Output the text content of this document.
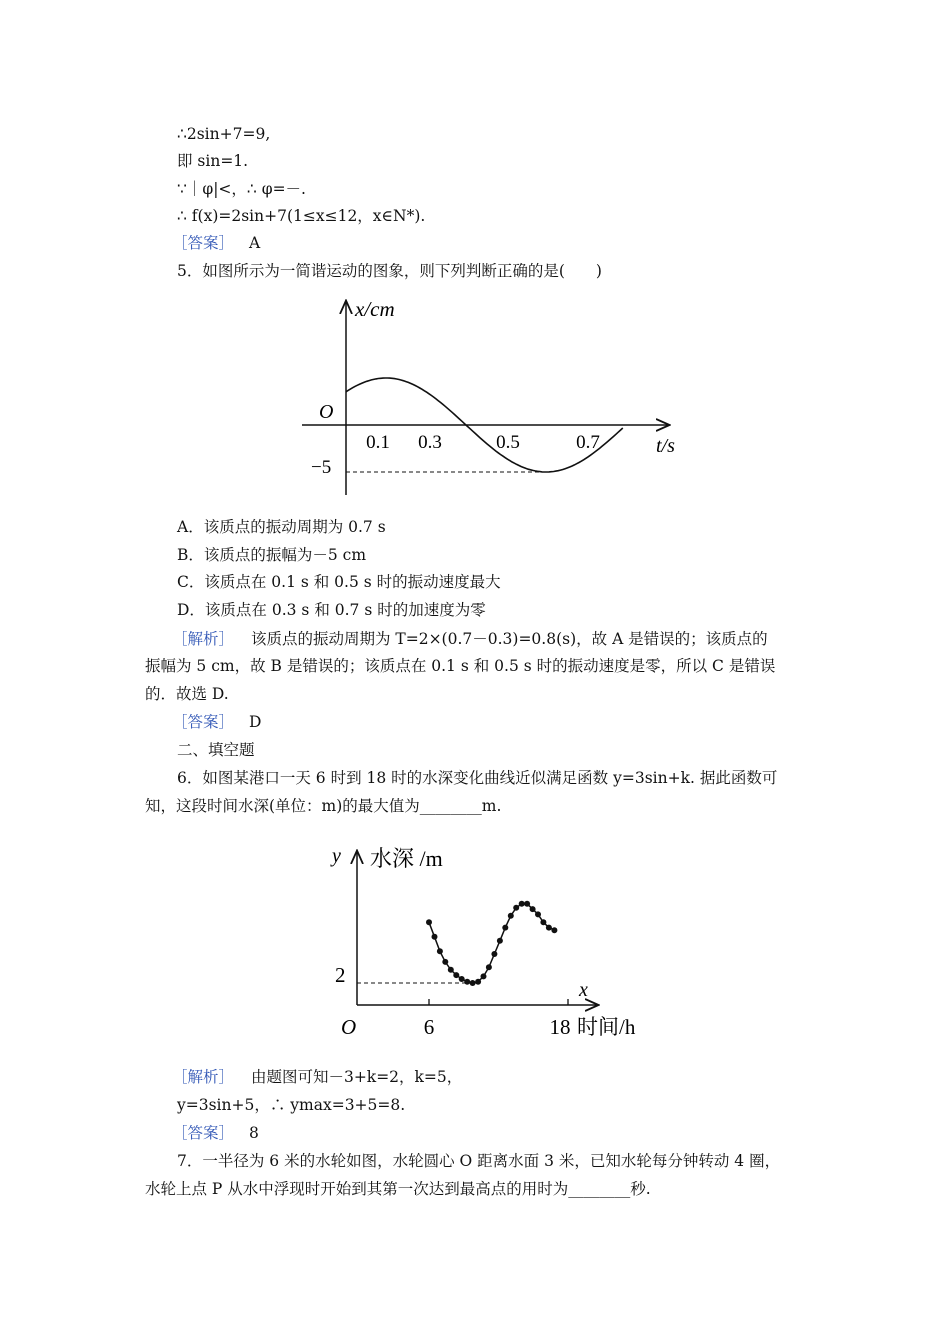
∴2sin+7=9,
即 sin=1.
∵｜φ|<，∴ φ=－.
∴ f(x)=2sin+7(1≤x≤12，x∈N*).
［答案］ A
5．如图所示为一简谐运动的图象，则下列判断正确的是(　　)
x/cm
O
0.1 0.3	0.5	0.7
−5
t/s
A．该质点的振动周期为 0.7 s
B．该质点的振幅为－5 cm
C．该质点在 0.1 s 和 0.5 s 时的振动速度最大
D．该质点在 0.3 s 和 0.7 s 时的加速度为零
［解析］ 该质点的振动周期为 T=2×(0.7－0.3)=0.8(s)，故 A 是错误的；该质点的
振幅为 5 cm，故 B 是错误的；该质点在 0.1 s 和 0.5 s 时的振动速度是零，所以 C 是错误
的．故选 D.
［答案］ D
二、填空题
6．如图某港口一天 6 时到 18 时的水深变化曲线近似满足函数 y=3sin+k. 据此函数可
知，这段时间水深(单位：m)的最大值为________m.
y 水深 /m
2
x
O	6	18 时间/h
［解析］ 由题图可知－3+k=2，k=5，
y=3sin+5，∴ ymax=3+5=8.
［答案］ 8
7．一半径为 6 米的水轮如图，水轮圆心 O 距离水面 3 米，已知水轮每分钟转动 4 圈，
水轮上点 P 从水中浮现时开始到其第一次达到最高点的用时为________秒.
